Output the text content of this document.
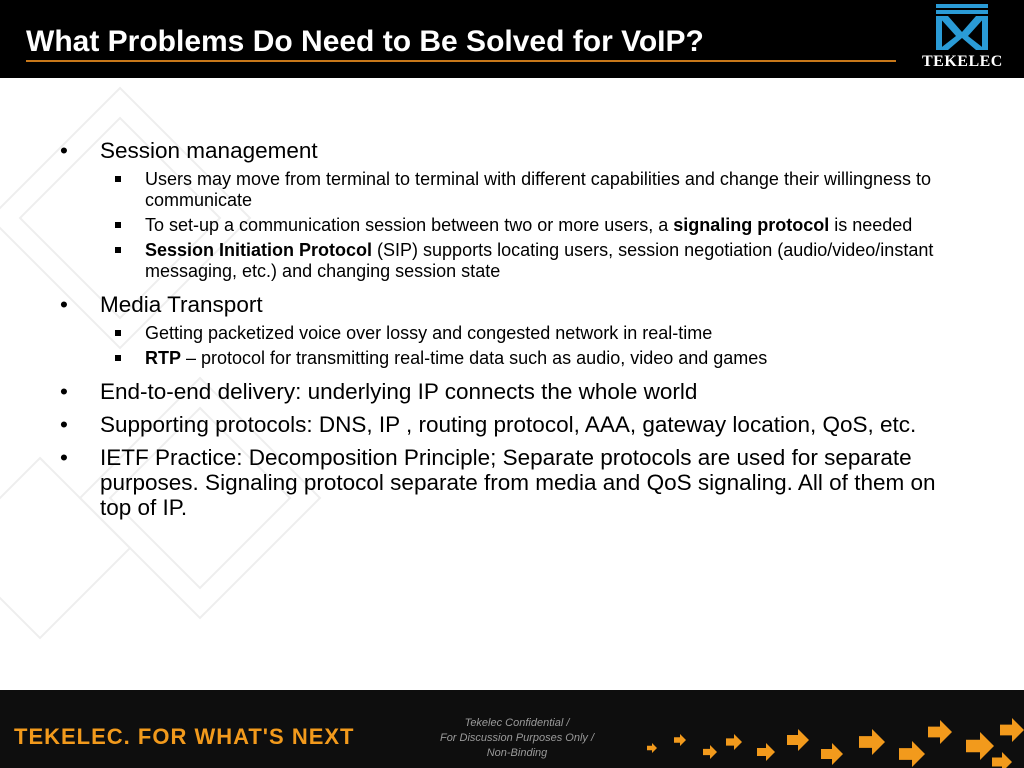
What Problems Do Need to Be Solved for VoIP?
TEKELEC
•	Session management
Users may move from terminal to terminal with different capabilities and change their willingness to communicate
To set-up a communication session between two or more users, a signaling protocol is needed
Session Initiation Protocol (SIP) supports locating users, session negotiation (audio/video/instant messaging, etc.) and changing session state
•	Media Transport
Getting packetized voice over lossy and congested network in real-time
RTP – protocol for transmitting real-time data such as audio, video and games
•	End-to-end delivery: underlying IP connects the whole world
•	Supporting protocols: DNS, IP , routing protocol, AAA, gateway location, QoS, etc.
•	IETF Practice: Decomposition Principle; Separate protocols are used for separate purposes. Signaling protocol separate from media and QoS signaling. All of them on top of IP.
TEKELEC. FOR WHAT'S NEXT
Tekelec Confidential /
For Discussion Purposes Only /
Non-Binding
